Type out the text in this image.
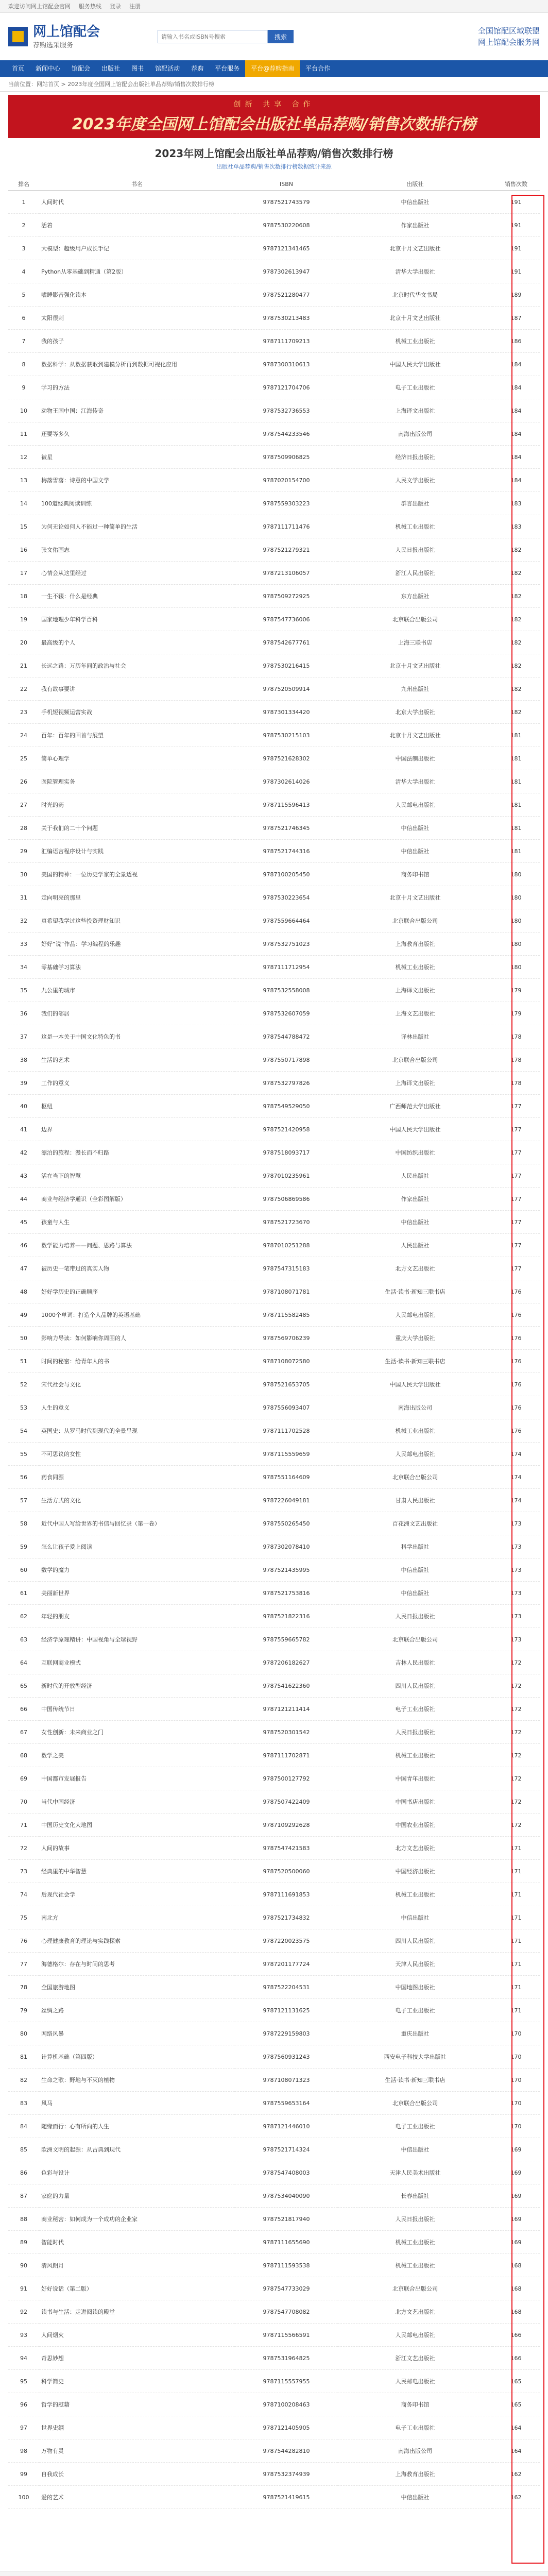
欢迎访问网上馆配会官网 服务热线 登录 注册
网上馆配会
荐购选采服务
请输入书名或ISBN号搜索
搜索
全国馆配区域联盟
网上馆配会服务网
首页	新闻中心	馆配会	出版社	图书	馆配活动	荐购	平台服务	平台@荐购指南	平台合作
当前位置：网站首页 > 2023年度全国网上馆配会出版社单品荐购/销售次数排行榜
创新 共享 合作
2023年度全国网上馆配会出版社单品荐购/销售次数排行榜
2023年网上馆配会出版社单品荐购/销售次数排行榜
出版社单品荐购/销售次数排行榜数据统计来源
排名	书名	ISBN	出版社	销售次数
1	人间时代	9787521743579	中信出版社	191
2	活着	9787530220608	作家出版社	191
3	大模型：超级用户成长手记	9787121341465	北京十月文艺出版社	191
4	Python从零基础到精通（第2版）	9787302613947	清华大学出版社	191
5	嗜睡影音强化读本	9787521280477	北京时代华文书局	189
6	太阳很刺	9787530213483	北京十月文艺出版社	187
7	我的孩子	9787111709213	机械工业出版社	186
8	数据科学：从数据获取到建模分析再到数据可视化应用	9787300310613	中国人民大学出版社	184
9	学习的方法	9787121704706	电子工业出版社	184
10	动物王国中国：江海传奇	9787532736553	上海译文出版社	184
11	还要等多久	9787544233546	南海出版公司	184
12	被星	9787509906825	经济日报出版社	184
13	梅落雪落：诗意的中国文学	9787020154700	人民文学出版社	184
14	100道经典阅读训练	9787559303223	群言出版社	183
15	为何无论如何人不能过一种简单的生活	9787111711476	机械工业出版社	183
16	张文佑画志	9787521279321	人民日报出版社	182
17	心情会从这里经过	9787213106057	浙江人民出版社	182
18	一生不辍：什么是经典	9787509272925	东方出版社	182
19	国家地理少年科学百科	9787547736006	北京联合出版公司	182
20	最高级的个人	9787542677761	上海三联书店	182
21	长远之路：万历年间的政治与社会	9787530216415	北京十月文艺出版社	182
22	我有故事要讲	9787520509914	九州出版社	182
23	手机短视频运营实战	9787301334420	北京大学出版社	182
24	百年：百年的回首与展望	9787530215103	北京十月文艺出版社	181
25	简单心理学	9787521628302	中国法制出版社	181
26	医院管理实务	9787302614026	清华大学出版社	181
27	时光的药	9787115596413	人民邮电出版社	181
28	关于我们的二十个问题	9787521746345	中信出版社	181
29	汇编语言程序设计与实践	9787521744316	中信出版社	181
30	美国的精神：一位历史学家的全景透视	9787100205450	商务印书馆	180
31	走向明亮的那里	9787530223654	北京十月文艺出版社	180
32	真希望我学过这些投资理财知识	9787559664464	北京联合出版公司	180
33	好好“说”作品：学习编程的乐趣	9787532751023	上海教育出版社	180
34	零基础学习算法	9787111712954	机械工业出版社	180
35	九公里的城市	9787532558008	上海译文出版社	179
36	我们的邻居	9787532607059	上海文艺出版社	179
37	这是一本关于中国文化特色的书	9787544788472	译林出版社	178
38	生活的艺术	9787550717898	北京联合出版公司	178
39	工作的意义	9787532797826	上海译文出版社	178
40	枢纽	9787549529050	广西师范大学出版社	177
41	边界	9787521420958	中国人民大学出版社	177
42	漂泊的旅程：漫长而不归路	9787518093717	中国纺织出版社	177
43	活在当下的智慧	9787010235961	人民出版社	177
44	商业与经济学通识（全彩图解版）	9787506869586	作家出版社	177
45	孩童与人生	9787521723670	中信出版社	177
46	数学能力培养——问题、思路与算法	9787010251288	人民出版社	177
47	被历史一笔带过的真实人物	9787547315183	北方文艺出版社	177
48	好好学历史的正确顺序	9787108071781	生活·读书·新知三联书店	176
49	1000个单词：打造个人品牌的英语基础	9787115582485	人民邮电出版社	176
50	影响力导读：如何影响你周围的人	9787569706239	重庆大学出版社	176
51	时间的秘密：给青年人的书	9787108072580	生活·读书·新知三联书店	176
52	宋代社会与文化	9787521653705	中国人民大学出版社	176
53	人生的意义	9787556093407	南海出版公司	176
54	英国史：从罗马时代到现代的全景呈现	9787111702528	机械工业出版社	176
55	不可思议的女性	9787115559659	人民邮电出版社	174
56	药食同源	9787551164609	北京联合出版公司	174
57	生活方式的文化	9787226049181	甘肃人民出版社	174
58	近代中国人写给世界的书信与回忆录（第一卷）	9787550265450	百花洲文艺出版社	173
59	怎么让孩子爱上阅读	9787302078410	科学出版社	173
60	数学的魔力	9787521435995	中信出版社	173
61	美丽新世界	9787521753816	中信出版社	173
62	年轻的朋友	9787521822316	人民日报出版社	173
63	经济学原理精讲：中国视角与全球视野	9787559665782	北京联合出版公司	173
64	互联网商业模式	9787206182627	吉林人民出版社	172
65	新时代的开放型经济	9787541622360	四川人民出版社	172
66	中国传统节日	9787121211414	电子工业出版社	172
67	女性创新：未来商业之门	9787520301542	人民日报出版社	172
68	数学之美	9787111702871	机械工业出版社	172
69	中国都市发展报告	9787500127792	中国青年出版社	172
70	当代中国经济	9787507422409	中国书店出版社	172
71	中国历史文化大地图	9787109292628	中国农业出版社	172
72	人间的故事	9787547421583	北方文艺出版社	171
73	经典里的中华智慧	9787520500060	中国经济出版社	171
74	后现代社会学	9787111691853	机械工业出版社	171
75	南北方	9787521734832	中信出版社	171
76	心理健康教育的理论与实践探索	9787220023575	四川人民出版社	171
77	海德格尔：存在与时间的思考	9787201177724	天津人民出版社	171
78	全国旅游地图	9787522204531	中国地图出版社	171
79	丝绸之路	9787121131625	电子工业出版社	171
80	网络风暴	9787229159803	重庆出版社	170
81	计算机基础（第四版）	9787560931243	西安电子科技大学出版社	170
82	生命之歌：野地与不灭的植物	9787108071323	生活·读书·新知三联书店	170
83	风马	9787559653164	北京联合出版公司	170
84	随缘而行：心有所向的人生	9787121446010	电子工业出版社	170
85	欧洲文明的起源：从古典到现代	9787521714324	中信出版社	169
86	色彩与设计	9787547408003	天津人民美术出版社	169
87	家庭的力量	9787534040090	长春出版社	169
88	商业秘密：如何成为一个成功的企业家	9787521817940	人民日报出版社	169
89	智能时代	9787111655690	机械工业出版社	169
90	清风朗月	9787111593538	机械工业出版社	168
91	好好说话（第二版）	9787547733029	北京联合出版公司	168
92	读书与生活：走进阅读的殿堂	9787547708082	北方文艺出版社	168
93	人间烟火	9787115566591	人民邮电出版社	166
94	奇思妙想	9787531964825	浙江文艺出版社	166
95	科学简史	9787115557955	人民邮电出版社	165
96	哲学的慰藉	9787100208463	商务印书馆	165
97	世界史纲	9787121405905	电子工业出版社	164
98	万物有灵	9787544282810	南海出版公司	164
99	自我成长	9787532374939	上海教育出版社	162
100	爱的艺术	9787521419615	中信出版社	162
